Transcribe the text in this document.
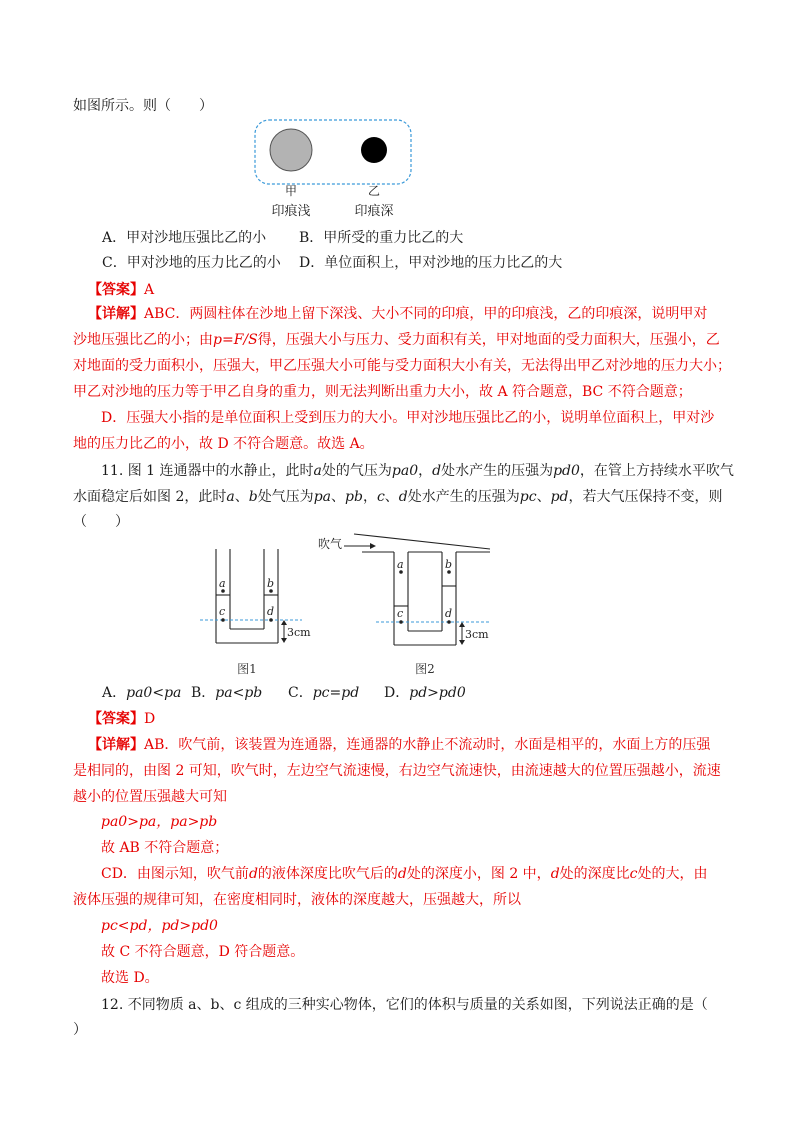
如图所示。则（　　）
甲
印痕浅
乙
印痕深
A．甲对沙地压强比乙的小 B．甲所受的重力比乙的大
C．甲对沙地的压力比乙的小 D．单位面积上，甲对沙地的压力比乙的大
【答案】A
【详解】ABC．两圆柱体在沙地上留下深浅、大小不同的印痕，甲的印痕浅，乙的印痕深，说明甲对
沙地压强比乙的小；由p=F/S得，压强大小与压力、受力面积有关，甲对地面的受力面积大，压强小，乙
对地面的受力面积小，压强大，甲乙压强大小可能与受力面积大小有关，无法得出甲乙对沙地的压力大小；
甲乙对沙地的压力等于甲乙自身的重力，则无法判断出重力大小，故 A 符合题意，BC 不符合题意；
D．压强大小指的是单位面积上受到压力的大小。甲对沙地压强比乙的小，说明单位面积上，甲对沙
地的压力比乙的小，故 D 不符合题意。故选 A。
11. 图 1 连通器中的水静止，此时a处的气压为pa0，d处水产生的压强为pd0，在管上方持续水平吹气
水面稳定后如图 2，此时a、b处气压为pa、pb，c、d处水产生的压强为pc、pd，若大气压保持不变，则
（　　）
a	b
c	d
3cm
图1
吹气
a	b
c	d
3cm
图2
A．pa0<pa B．pa<pb C．pc=pd D．pd>pd0
【答案】D
【详解】AB．吹气前，该装置为连通器，连通器的水静止不流动时，水面是相平的，水面上方的压强
是相同的，由图 2 可知，吹气时，左边空气流速慢，右边空气流速快，由流速越大的位置压强越小，流速
越小的位置压强越大可知
pa0>pa，pa>pb
故 AB 不符合题意；
CD．由图示知，吹气前d的液体深度比吹气后的d处的深度小，图 2 中，d处的深度比c处的大，由
液体压强的规律可知，在密度相同时，液体的深度越大，压强越大，所以
pc<pd，pd>pd0
故 C 不符合题意，D 符合题意。
故选 D。
12. 不同物质 a、b、c 组成的三种实心物体，它们的体积与质量的关系如图，下列说法正确的是（
）
